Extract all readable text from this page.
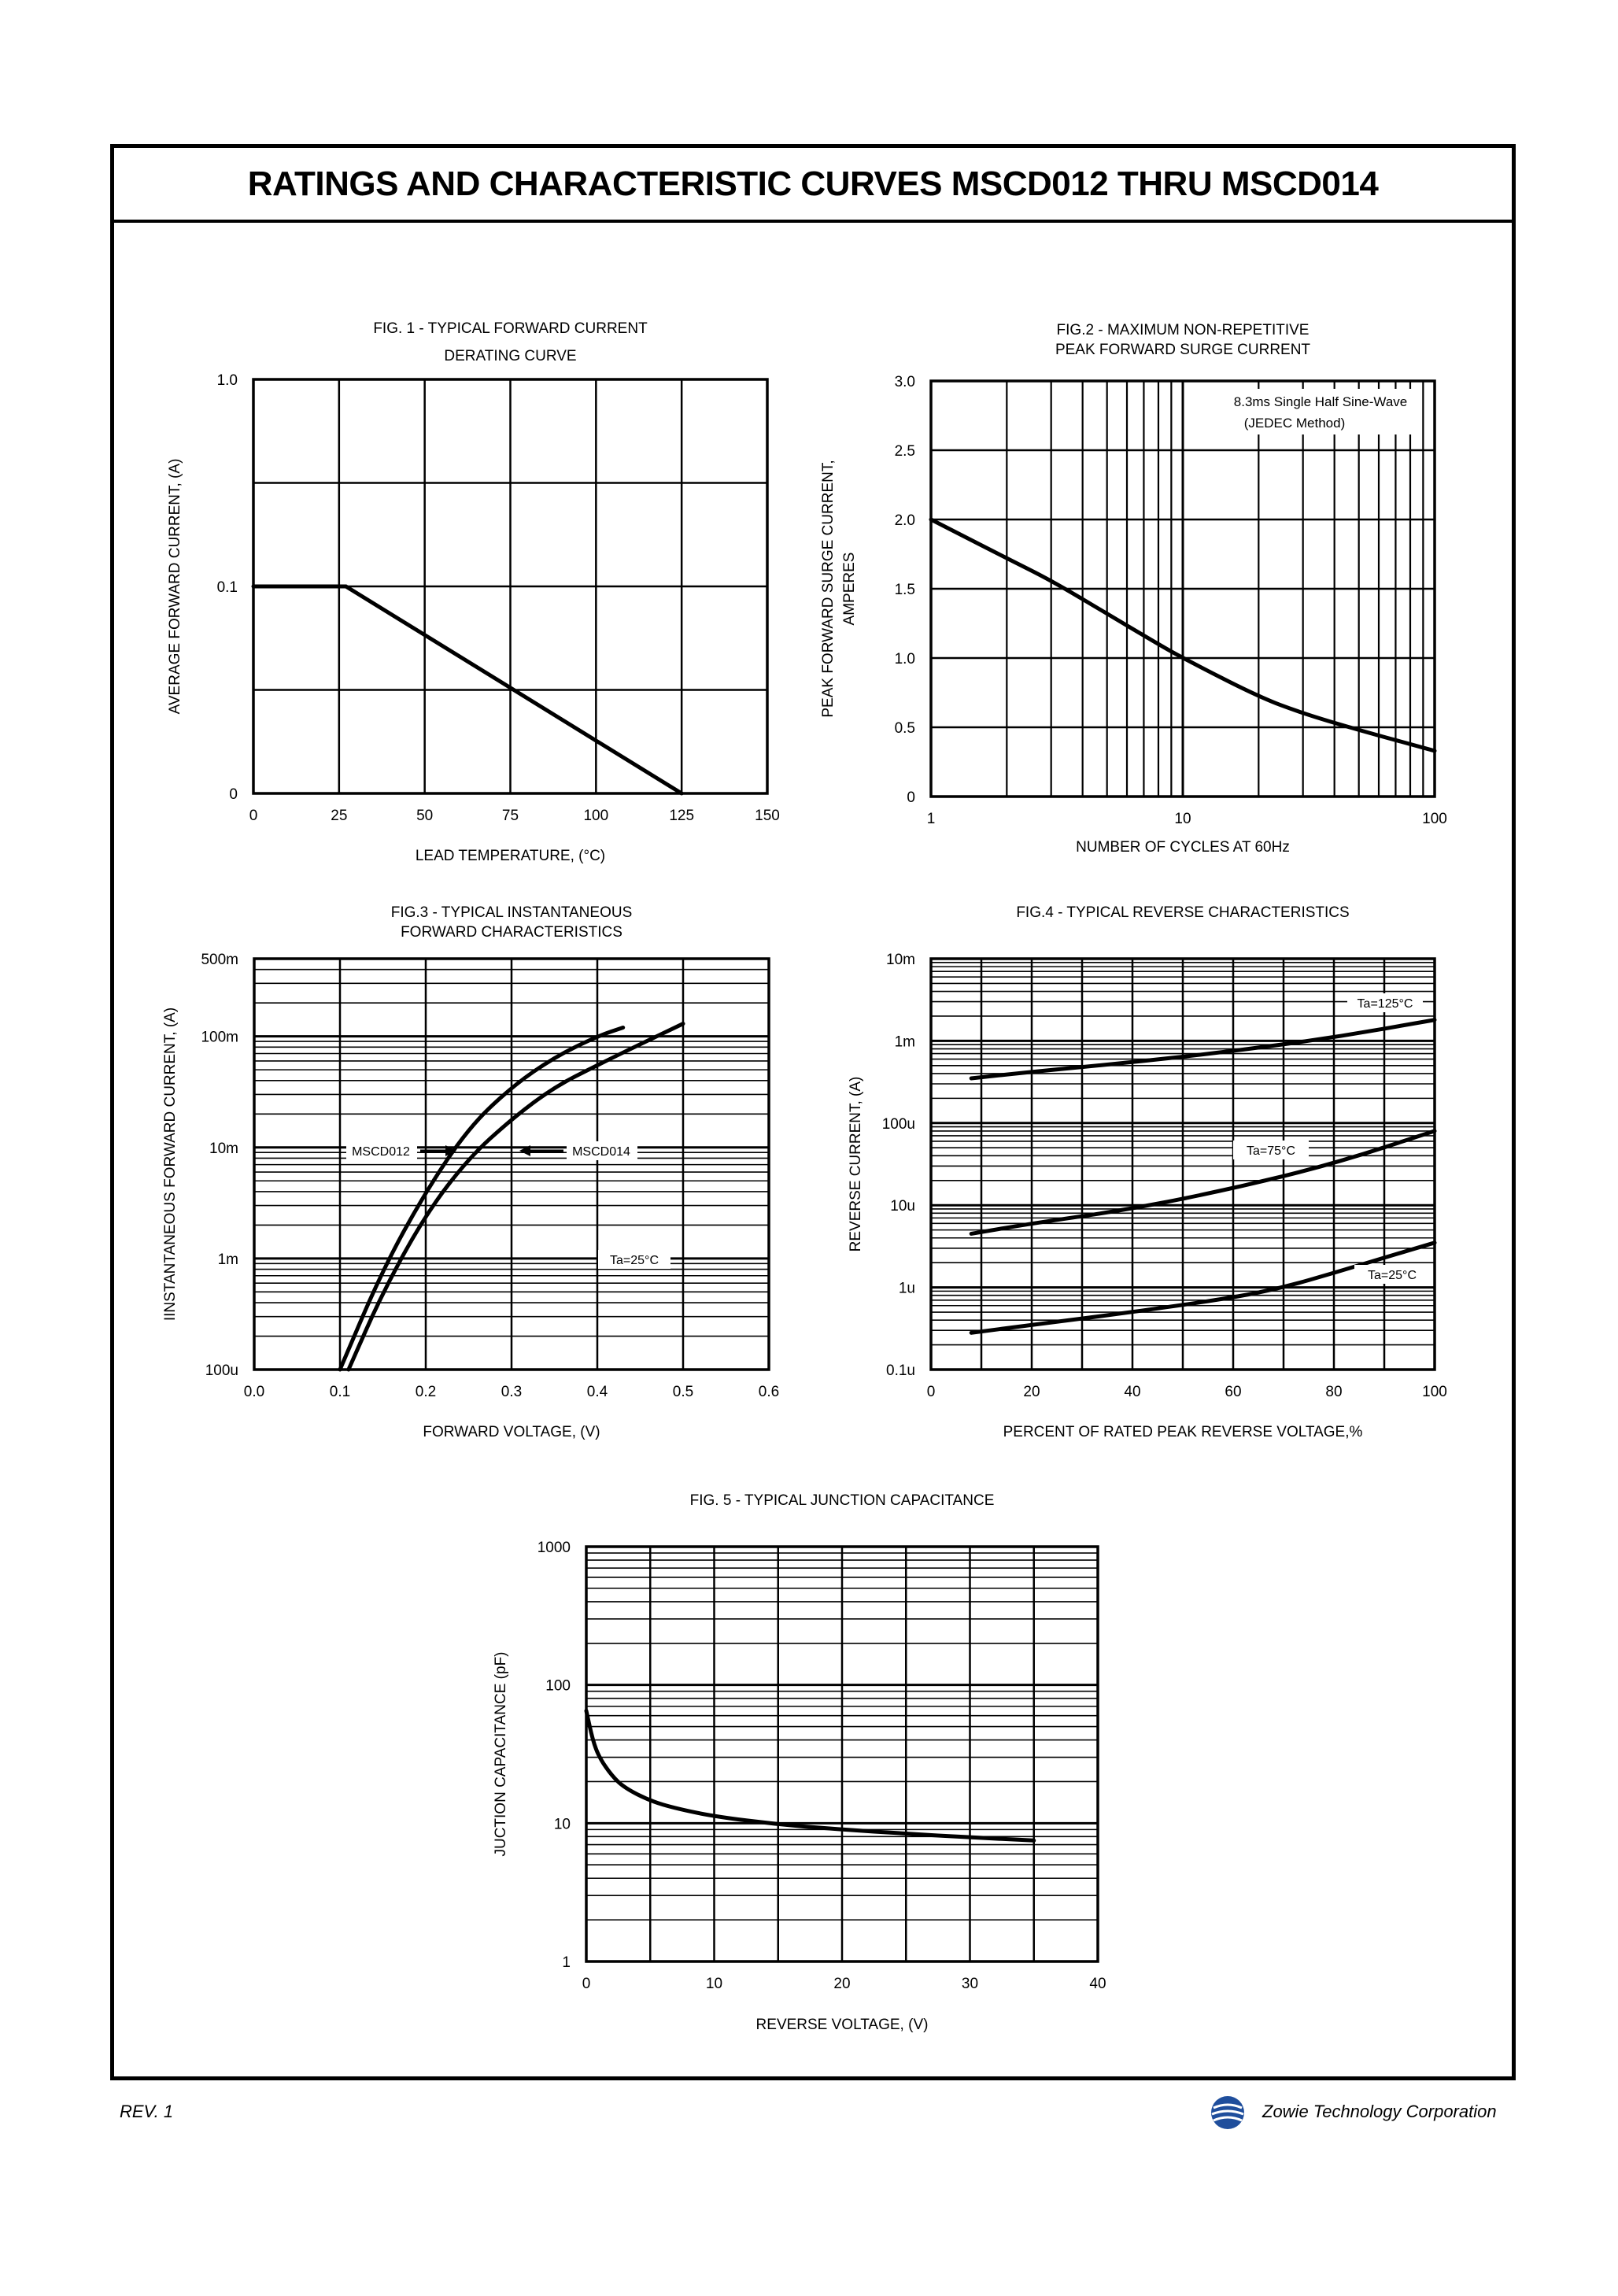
RATINGS AND CHARACTERISTIC CURVES MSCD012 THRU MSCD014
FIG. 1 - TYPICAL FORWARD CURRENT
DERATING CURVE
0	25	50	75	100	125	150
0
0.1
1.0
LEAD TEMPERATURE, (°C)
AVERAGE FORWARD CURRENT, (A)
FIG.2 - MAXIMUM NON-REPETITIVE
PEAK FORWARD SURGE CURRENT
1	10	100
0
0.5
1.0
1.5
2.0
2.5
3.0
NUMBER OF CYCLES AT 60Hz
PEAK FORWARD SURGE CURRENT, AMPERES
8.3ms Single Half Sine-Wave
(JEDEC Method)
FIG.3 - TYPICAL INSTANTANEOUS
FORWARD CHARACTERISTICS
0.0	0.1	0.2	0.3	0.4	0.5	0.6
100u
1m
10m
100m
500m
FORWARD VOLTAGE, (V)
IINSTANTANEOUS FORWARD CURRENT, (A)	MSCD012	MSCD014
Ta=25°C
FIG.4 - TYPICAL REVERSE CHARACTERISTICS
0	20	40	60	80	100
0.1u
1u
10u
100u
1m
10m
PERCENT OF RATED PEAK REVERSE VOLTAGE,%
REVERSE CURRENT, (A)
Ta=125°C
Ta=75°C
Ta=25°C
FIG. 5 - TYPICAL JUNCTION CAPACITANCE
0	10	20	30	40
1
10
100
1000
REVERSE VOLTAGE, (V)
JUCTION CAPACITANCE (pF)
REV. 1	Zowie Technology Corporation
